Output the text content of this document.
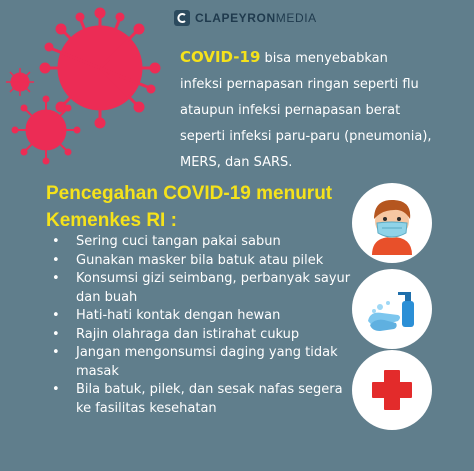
CLAPEYRONMEDIA
COVID-19 bisa menyebabkan
infeksi pernapasan ringan seperti flu
ataupun infeksi pernapasan berat
seperti infeksi paru-paru (pneumonia),
MERS, dan SARS.
Pencegahan COVID-19 menurut
Kemenkes RI :
• Sering cuci tangan pakai sabun
• Gunakan masker bila batuk atau pilek
• Konsumsi gizi seimbang, perbanyak sayur dan buah
• Hati-hati kontak dengan hewan
• Rajin olahraga dan istirahat cukup
• Jangan mengonsumsi daging yang tidak masak
• Bila batuk, pilek, dan sesak nafas segera ke fasilitas kesehatan
